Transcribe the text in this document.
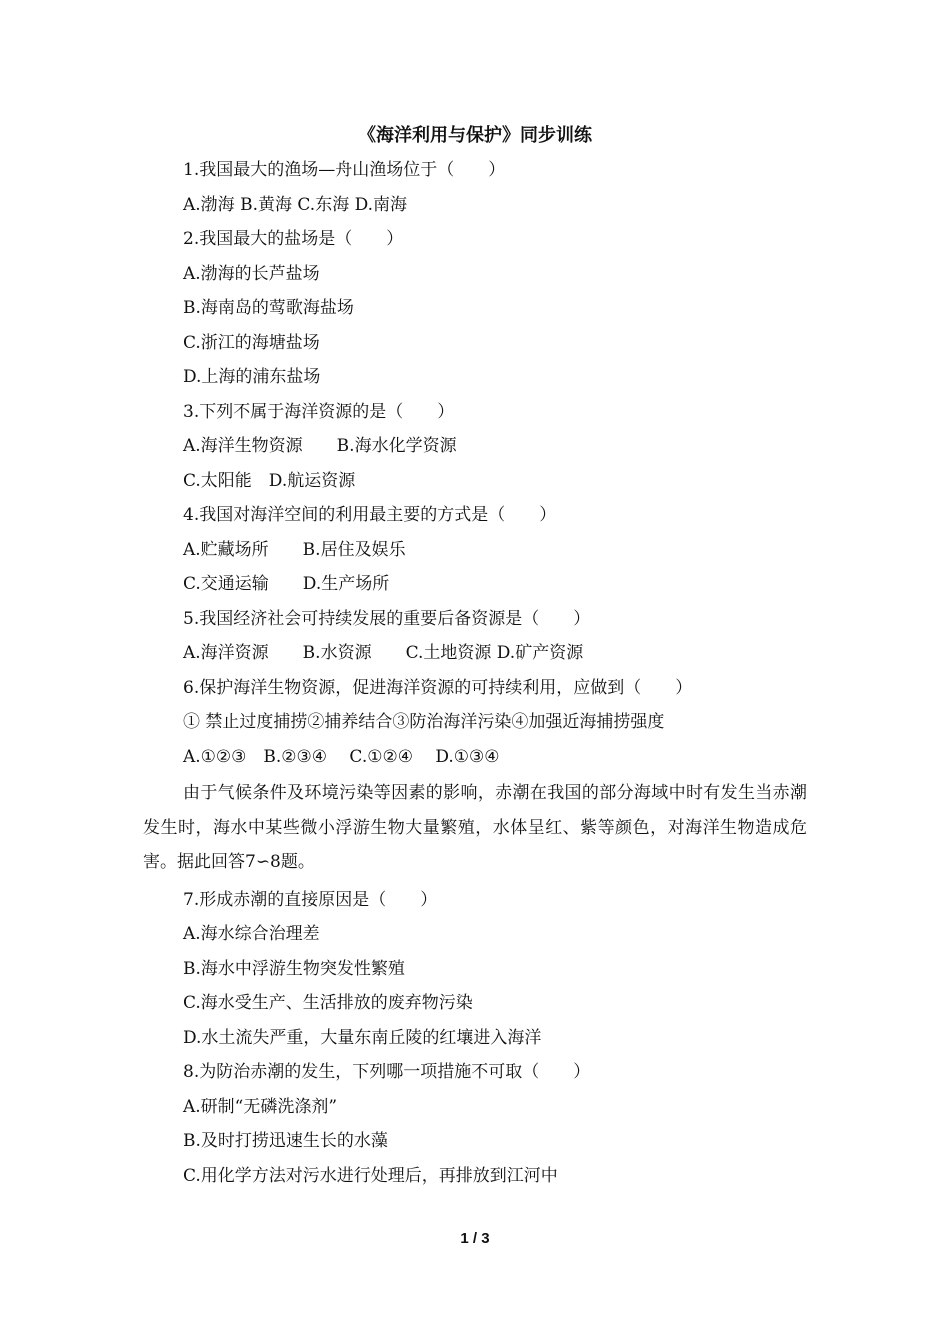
《海洋利用与保护》同步训练
1.我国最大的渔场—舟山渔场位于（　　）
A.渤海 B.黄海 C.东海 D.南海
2.我国最大的盐场是（　　）
A.渤海的长芦盐场
B.海南岛的莺歌海盐场
C.浙江的海塘盐场
D.上海的浦东盐场
3.下列不属于海洋资源的是（　　）
A.海洋生物资源　　B.海水化学资源
C.太阳能　D.航运资源
4.我国对海洋空间的利用最主要的方式是（　　）
A.贮藏场所　　B.居住及娱乐
C.交通运输　　D.生产场所
5.我国经济社会可持续发展的重要后备资源是（　　）
A.海洋资源　　B.水资源　　C.土地资源 D.矿产资源
6.保护海洋生物资源，促进海洋资源的可持续利用，应做到（　　）
① 禁止过度捕捞②捕养结合③防治海洋污染④加强近海捕捞强度
A.①②③　B.②③④　 C.①②④　 D.①③④

由于气候条件及环境污染等因素的影响，赤潮在我国的部分海域中时有发生当赤潮发生时，海水中某些微小浮游生物大量繁殖，水体呈红、紫等颜色，对海洋生物造成危害。据此回答7∽8题。

7.形成赤潮的直接原因是（　　）
A.海水综合治理差
B.海水中浮游生物突发性繁殖
C.海水受生产、生活排放的废弃物污染
D.水土流失严重，大量东南丘陵的红壤进入海洋
8.为防治赤潮的发生，下列哪一项措施不可取（　　）
A.研制“无磷洗涤剂”
B.及时打捞迅速生长的水藻
C.用化学方法对污水进行处理后，再排放到江河中
1 / 3
